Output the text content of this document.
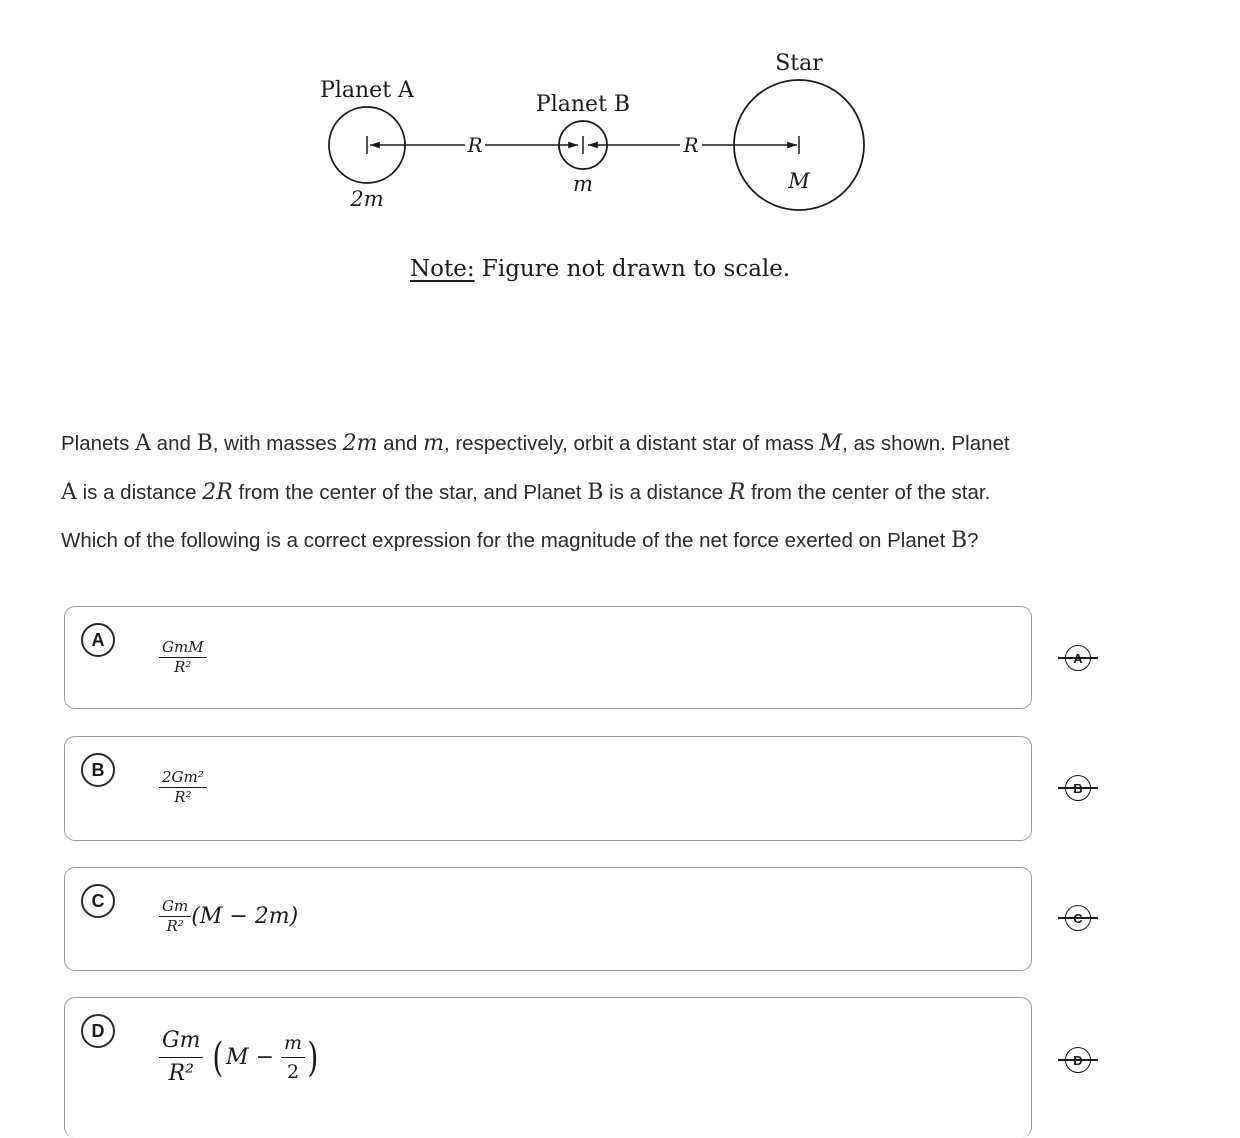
Planet A
Planet B
Star
R	R
2m
m	M
Note: Figure not drawn to scale.

Planets A and B, with masses 2m and m, respectively, orbit a distant star of mass M, as shown. Planet
A is a distance 2R from the center of the star, and Planet B is a distance R from the center of the star.
Which of the following is a correct expression for the magnitude of the net force exerted on Planet B?

A	$\frac{\text{GmM}}{\text{R²}}$
B	$\frac{\text{2Gm²}}{\text{R²}}$
C	$\frac{Gm}{\text{R²}} (M - 2m)$
D	$\frac{Gm}{\text{R²}}$ ( $M - \frac{m}{2}$ )
